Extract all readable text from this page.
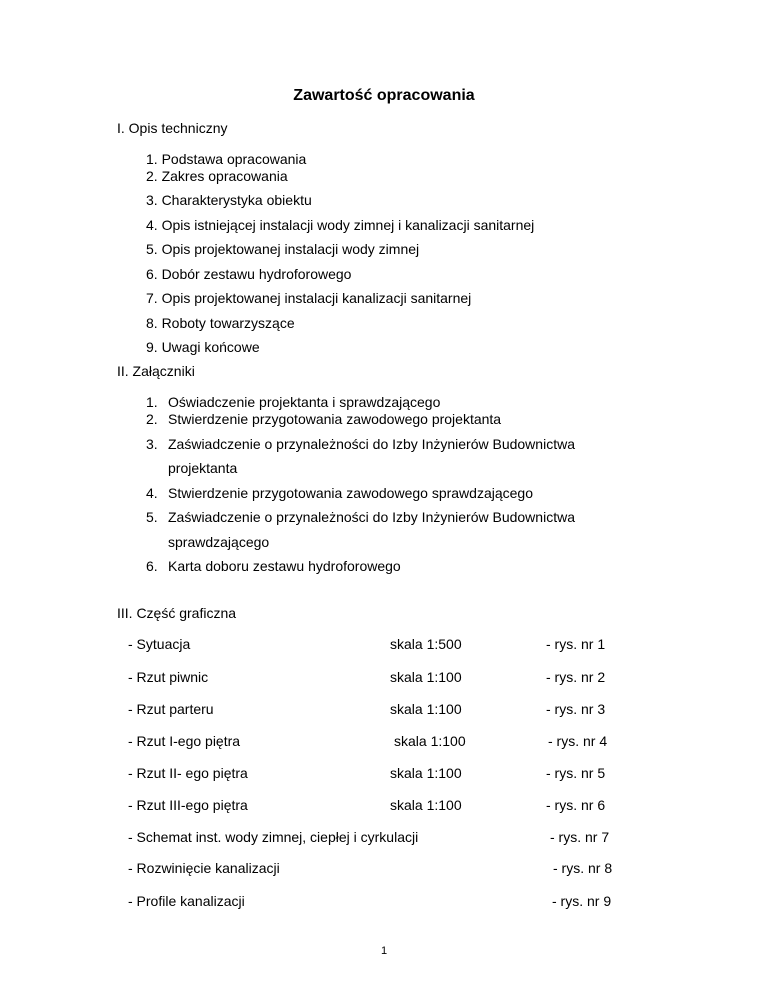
Zawartość opracowania
I. Opis techniczny
1. Podstawa opracowania
2. Zakres opracowania
3. Charakterystyka obiektu
4. Opis istniejącej instalacji wody zimnej i kanalizacji sanitarnej
5. Opis projektowanej instalacji wody zimnej
6. Dobór zestawu hydroforowego
7. Opis projektowanej instalacji kanalizacji sanitarnej
8. Roboty towarzyszące
9. Uwagi końcowe
II. Załączniki
1. Oświadczenie projektanta i sprawdzającego
2. Stwierdzenie przygotowania zawodowego projektanta
3. Zaświadczenie o przynależności do Izby Inżynierów Budownictwa
projektanta
4. Stwierdzenie przygotowania zawodowego sprawdzającego
5. Zaświadczenie o przynależności do Izby Inżynierów Budownictwa
sprawdzającego
6. Karta doboru zestawu hydroforowego
III. Część graficzna
- Sytuacja	skala 1:500	- rys. nr 1
- Rzut piwnic	skala 1:100	- rys. nr 2
- Rzut parteru	skala 1:100	- rys. nr 3
- Rzut I-ego piętra	skala 1:100	- rys. nr 4
- Rzut II- ego piętra	skala 1:100	- rys. nr 5
- Rzut III-ego piętra	skala 1:100	- rys. nr 6
- Schemat inst. wody zimnej, ciepłej i cyrkulacji	- rys. nr 7
- Rozwinięcie kanalizacji	- rys. nr 8
- Profile kanalizacji	- rys. nr 9
1
